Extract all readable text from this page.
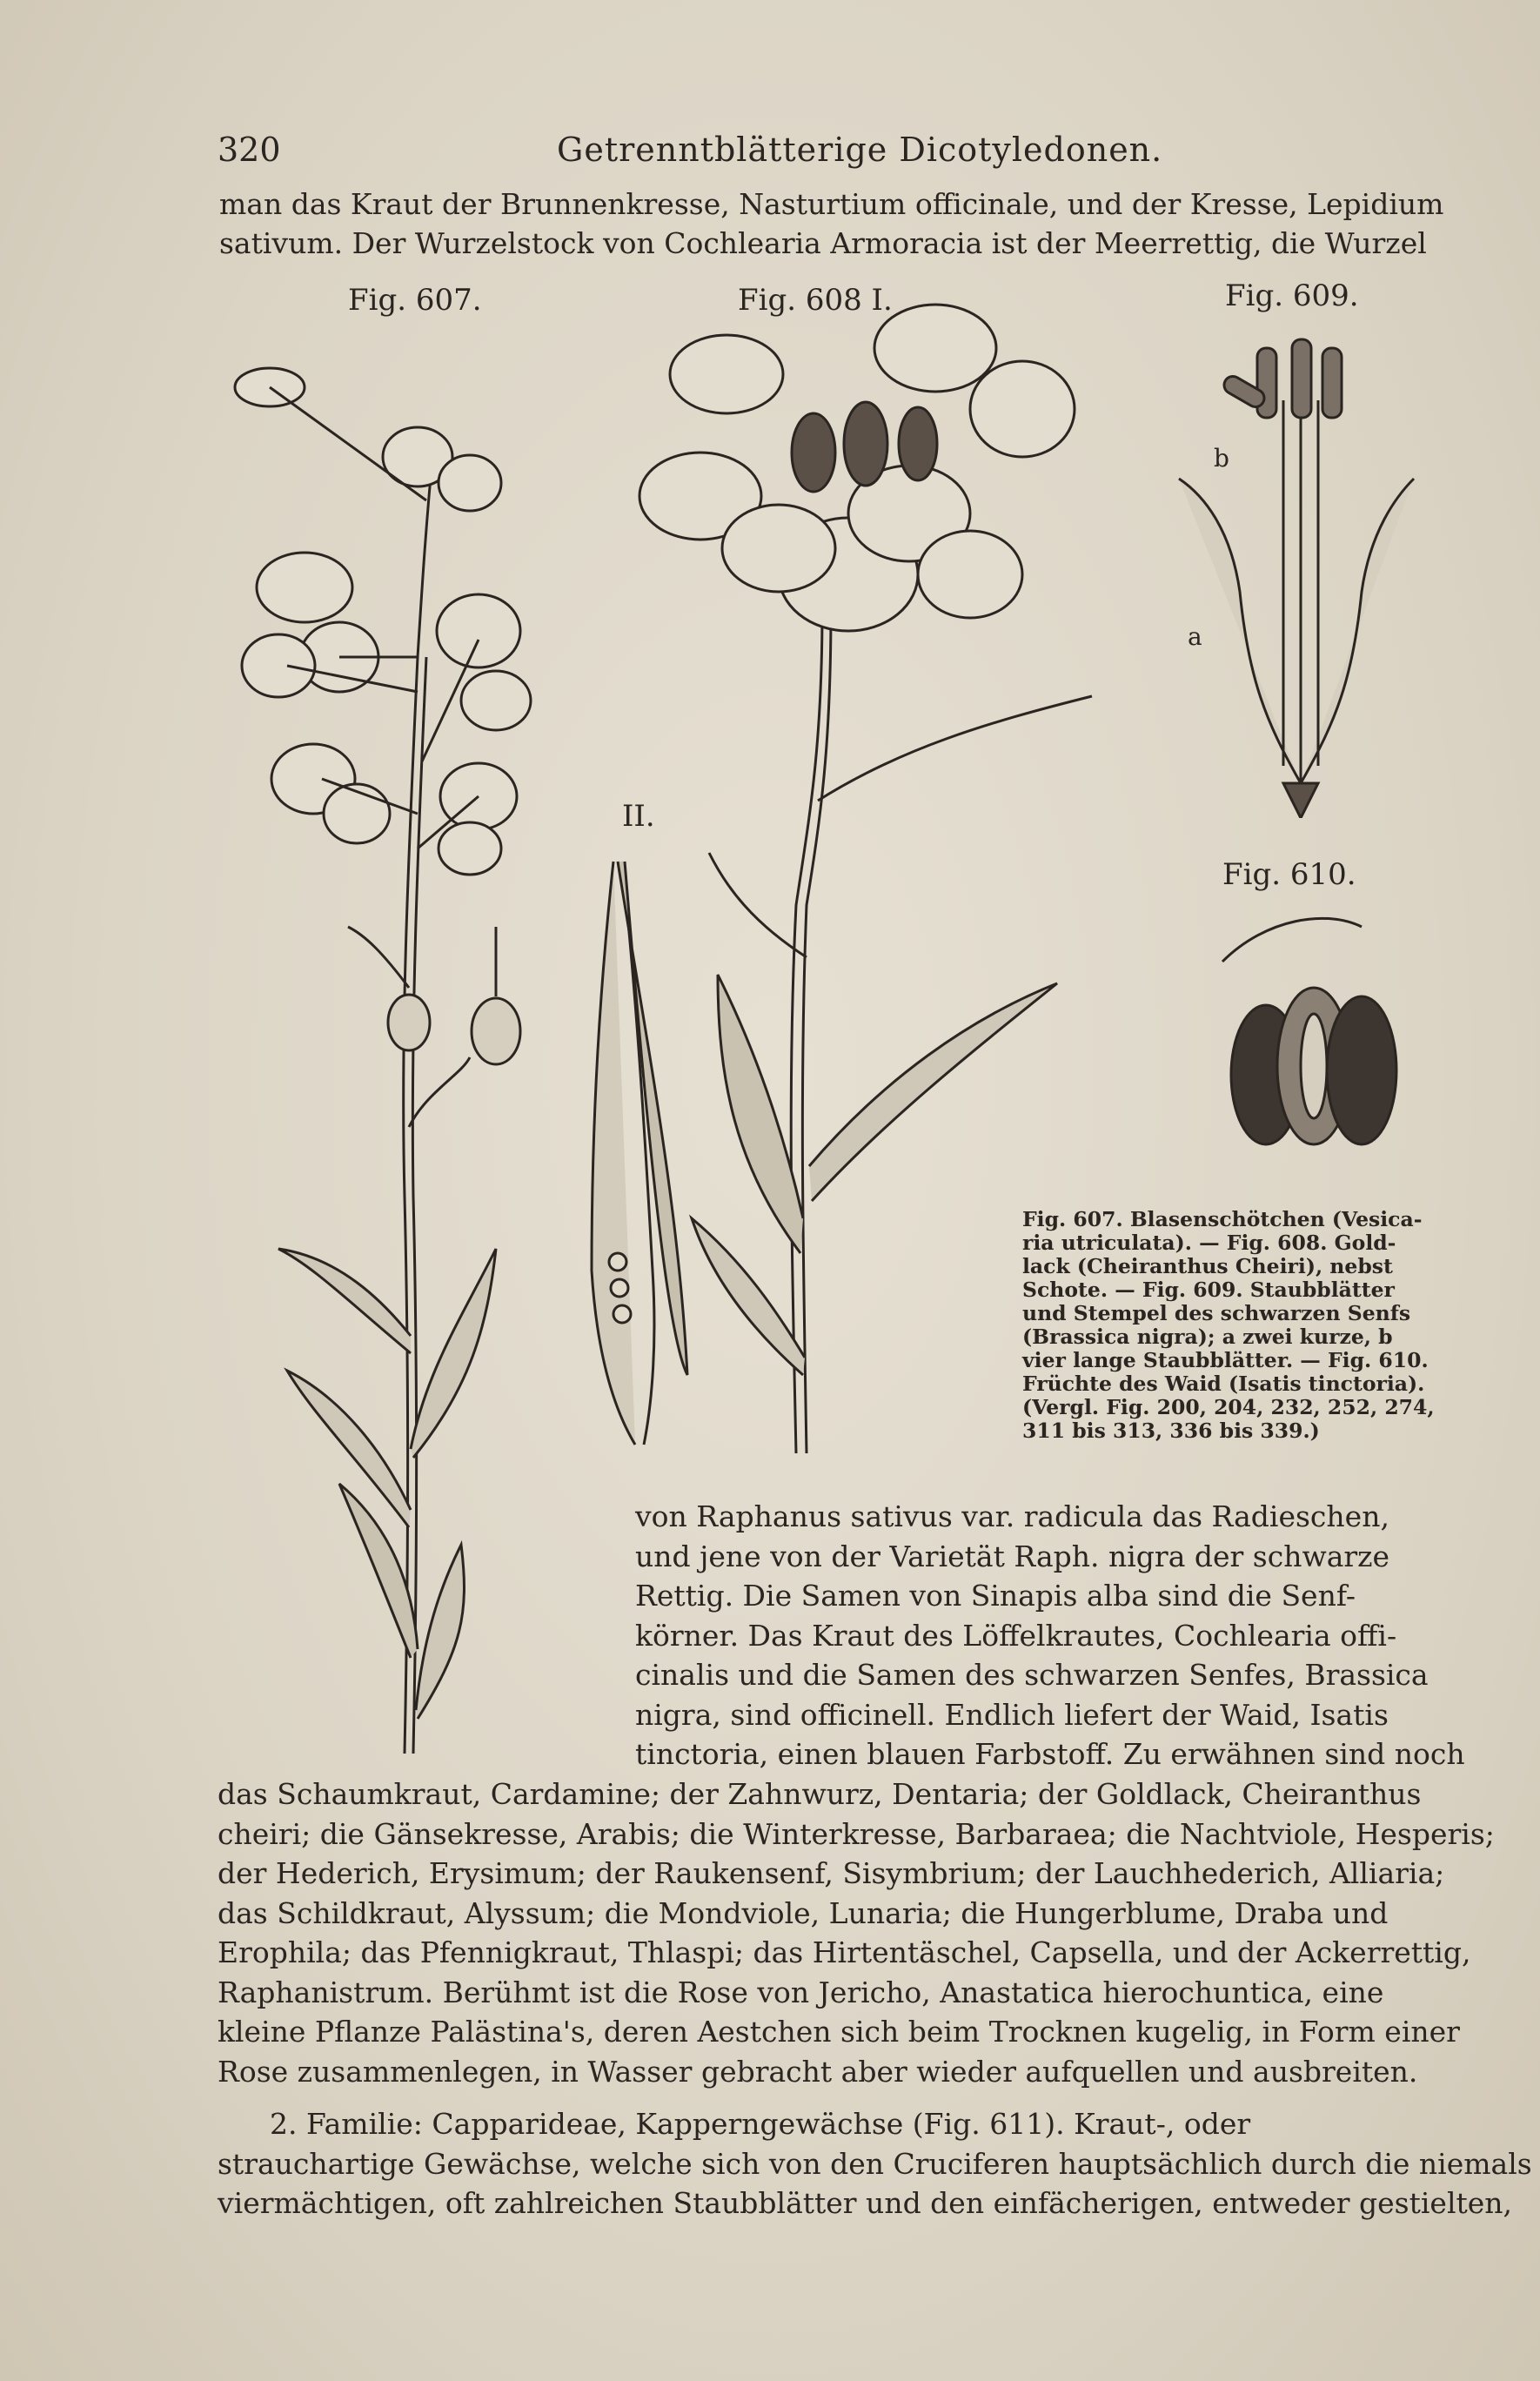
320	Getrenntblätterige Dicotyledonen.
man das Kraut der Brunnenkresse, Nasturtium officinale, und der Kresse, Lepidium
sativum. Der Wurzelstock von Cochlearia Armoracia ist der Meerrettig, die Wurzel
Fig. 607.	Fig. 608 I.	Fig. 609.
II.
Fig. 610.
b
a
Fig. 607. Blasenschötchen (Vesica-
ria utriculata). — Fig. 608. Gold-
lack (Cheiranthus Cheiri), nebst
Schote. — Fig. 609. Staubblätter
und Stempel des schwarzen Senfs
(Brassica nigra); a zwei kurze, b
vier lange Staubblätter. — Fig. 610.
Früchte des Waid (Isatis tinctoria).
(Vergl. Fig. 200, 204, 232, 252, 274,
311 bis 313, 336 bis 339.)
von Raphanus sativus var. radicula das Radieschen,
und jene von der Varietät Raph. nigra der schwarze
Rettig. Die Samen von Sinapis alba sind die Senf-
körner. Das Kraut des Löffelkrautes, Cochlearia offi-
cinalis und die Samen des schwarzen Senfes, Brassica
nigra, sind officinell. Endlich liefert der Waid, Isatis
tinctoria, einen blauen Farbstoff. Zu erwähnen sind noch
das Schaumkraut, Cardamine; der Zahnwurz, Dentaria; der Goldlack, Cheiranthus
cheiri; die Gänsekresse, Arabis; die Winterkresse, Barbaraea; die Nachtviole, Hesperis;
der Hederich, Erysimum; der Raukensenf, Sisymbrium; der Lauchhederich, Alliaria;
das Schildkraut, Alyssum; die Mondviole, Lunaria; die Hungerblume, Draba und
Erophila; das Pfennigkraut, Thlaspi; das Hirtentäschel, Capsella, und der Ackerrettig,
Raphanistrum. Berühmt ist die Rose von Jericho, Anastatica hierochuntica, eine
kleine Pflanze Palästina's, deren Aestchen sich beim Trocknen kugelig, in Form einer
Rose zusammenlegen, in Wasser gebracht aber wieder aufquellen und ausbreiten.
2. Familie: Capparideae, Kapperngewächse (Fig. 611). Kraut-, oder
strauchartige Gewächse, welche sich von den Cruciferen hauptsächlich durch die niemals
viermächtigen, oft zahlreichen Staubblätter und den einfächerigen, entweder gestielten,
